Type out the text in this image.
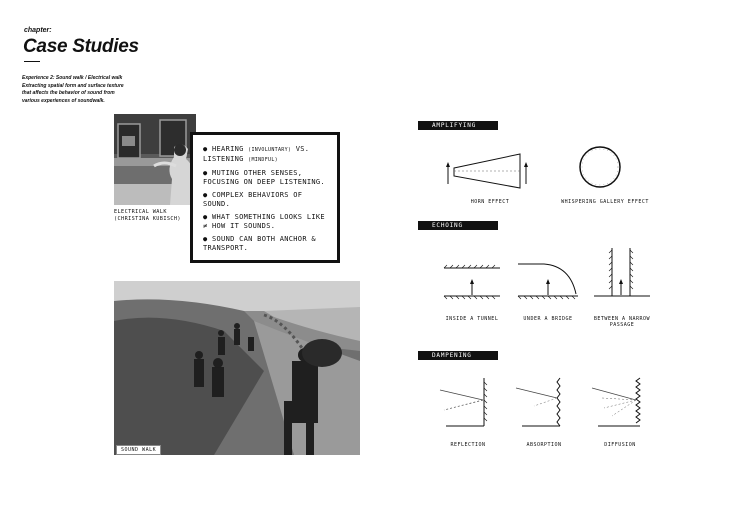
chapter:
Case Studies
Experience 2: Sound walk / Electrical walk
Extracting spatial form and surface texture
that affects the behavior of sound from
various experiences of soundwalk.
ELECTRICAL WALK
(CHRISTINA KUBISCH)
● HEARING (INVOLUNTARY) VS.
LISTENING (MINDFUL)
● MUTING OTHER SENSES, FOCUSING ON DEEP LISTENING.
● COMPLEX BEHAVIORS OF SOUND.
● WHAT SOMETHING LOOKS LIKE ≠ HOW IT SOUNDS.
● SOUND CAN BOTH ANCHOR & TRANSPORT.
SOUND WALK
AMPLIFYING
HORN EFFECT	WHISPERING GALLERY EFFECT
ECHOING
INSIDE A TUNNEL	UNDER A BRIDGE	BETWEEN A NARROW
PASSAGE
DAMPENING
REFLECTION	ABSORPTION	DIFFUSION
